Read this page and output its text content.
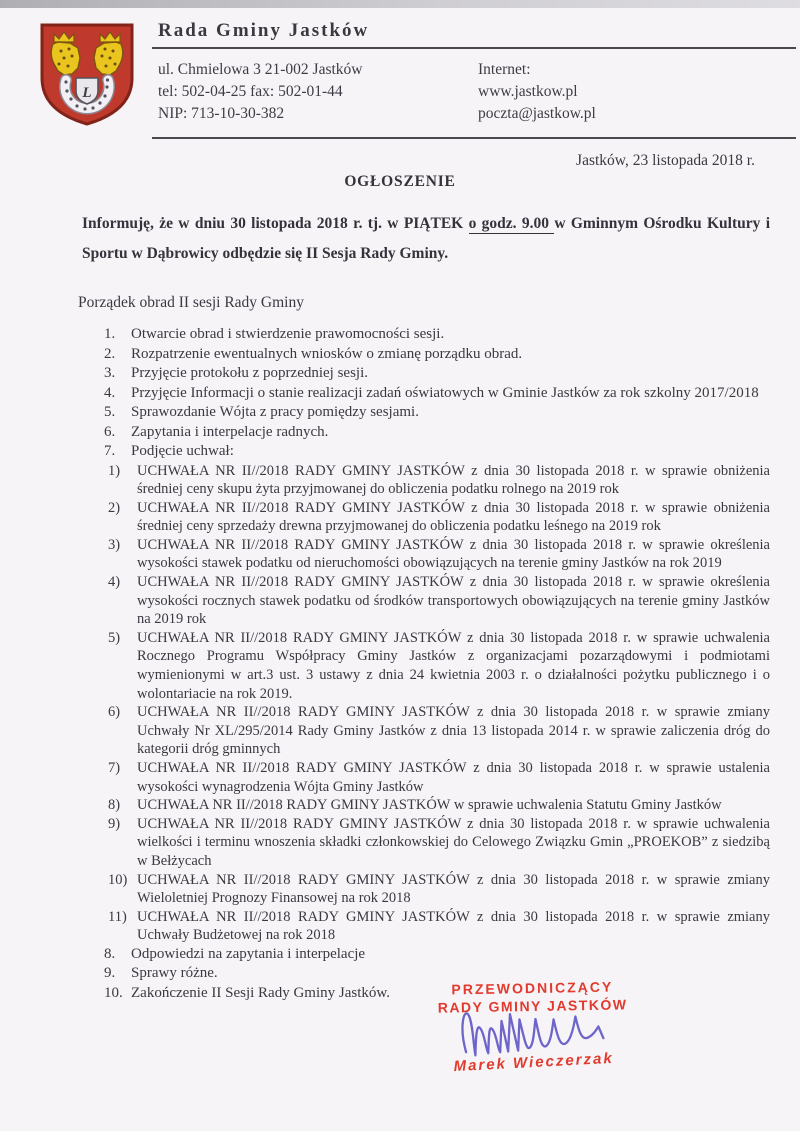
L
Rada Gminy Jastków
ul. Chmielowa 3 21-002 Jastków
tel: 502-04-25 fax: 502-01-44
NIP: 713-10-30-382
Internet:
www.jastkow.pl
poczta@jastkow.pl
Jastków, 23 listopada 2018 r.
OGŁOSZENIE

Informuję, że w dniu 30 listopada 2018 r. tj. w PIĄTEK o godz. 9.00 w Gminnym Ośrodku Kultury i Sportu w Dąbrowicy odbędzie się II Sesja Rady Gminy.

Porządek obrad II sesji Rady Gminy
1.	Otwarcie obrad i stwierdzenie prawomocności sesji.
2.	Rozpatrzenie ewentualnych wniosków o zmianę porządku obrad.
3.	Przyjęcie protokołu z poprzedniej sesji.
4.	Przyjęcie Informacji o stanie realizacji zadań oświatowych w Gminie Jastków za rok szkolny 2017/2018
5.	Sprawozdanie Wójta z pracy pomiędzy sesjami.
6.	Zapytania i interpelacje radnych.
7.	Podjęcie uchwał:
1)	UCHWAŁA NR II//2018 RADY GMINY JASTKÓW z dnia 30 listopada 2018 r. w sprawie obniżenia średniej ceny skupu żyta przyjmowanej do obliczenia podatku rolnego na 2019 rok
2)	UCHWAŁA NR II//2018 RADY GMINY JASTKÓW z dnia 30 listopada 2018 r. w sprawie obniżenia średniej ceny sprzedaży drewna przyjmowanej do obliczenia podatku leśnego na 2019 rok
3)	UCHWAŁA NR II//2018 RADY GMINY JASTKÓW z dnia 30 listopada 2018 r. w sprawie określenia wysokości stawek podatku od nieruchomości obowiązujących na terenie gminy Jastków na rok 2019
4)	UCHWAŁA NR II//2018 RADY GMINY JASTKÓW z dnia 30 listopada 2018 r. w sprawie określenia wysokości rocznych stawek podatku od środków transportowych obowiązujących na terenie gminy Jastków na 2019 rok
5)	UCHWAŁA NR II//2018 RADY GMINY JASTKÓW z dnia 30 listopada 2018 r. w sprawie uchwalenia Rocznego Programu Współpracy Gminy Jastków z organizacjami pozarządowymi i podmiotami wymienionymi w art.3 ust. 3 ustawy z dnia 24 kwietnia 2003 r. o działalności pożytku publicznego i o wolontariacie na rok 2019.
6)	UCHWAŁA NR II//2018 RADY GMINY JASTKÓW z dnia 30 listopada 2018 r. w sprawie zmiany Uchwały Nr XL/295/2014 Rady Gminy Jastków z dnia 13 listopada 2014 r. w sprawie zaliczenia dróg do kategorii dróg gminnych
7)	UCHWAŁA NR II//2018 RADY GMINY JASTKÓW z dnia 30 listopada 2018 r. w sprawie ustalenia wysokości wynagrodzenia Wójta Gminy Jastków
8)	UCHWAŁA NR II//2018 RADY GMINY JASTKÓW w sprawie uchwalenia Statutu Gminy Jastków
9)	UCHWAŁA NR II//2018 RADY GMINY JASTKÓW z dnia 30 listopada 2018 r. w sprawie uchwalenia wielkości i terminu wnoszenia składki członkowskiej do Celowego Związku Gmin „PROEKOB” z siedzibą w Bełżycach
10) UCHWAŁA NR II//2018 RADY GMINY JASTKÓW z dnia 30 listopada 2018 r. w sprawie zmiany Wieloletniej Prognozy Finansowej na rok 2018
11) UCHWAŁA NR II//2018 RADY GMINY JASTKÓW z dnia 30 listopada 2018 r. w sprawie zmiany Uchwały Budżetowej na rok 2018
8.	Odpowiedzi na zapytania i interpelacje
9.	Sprawy różne.
10. Zakończenie II Sesji Rady Gminy Jastków.	PRZEWODNICZĄCY
RADY GMINY JASTKÓW
Marek Wieczerzak
